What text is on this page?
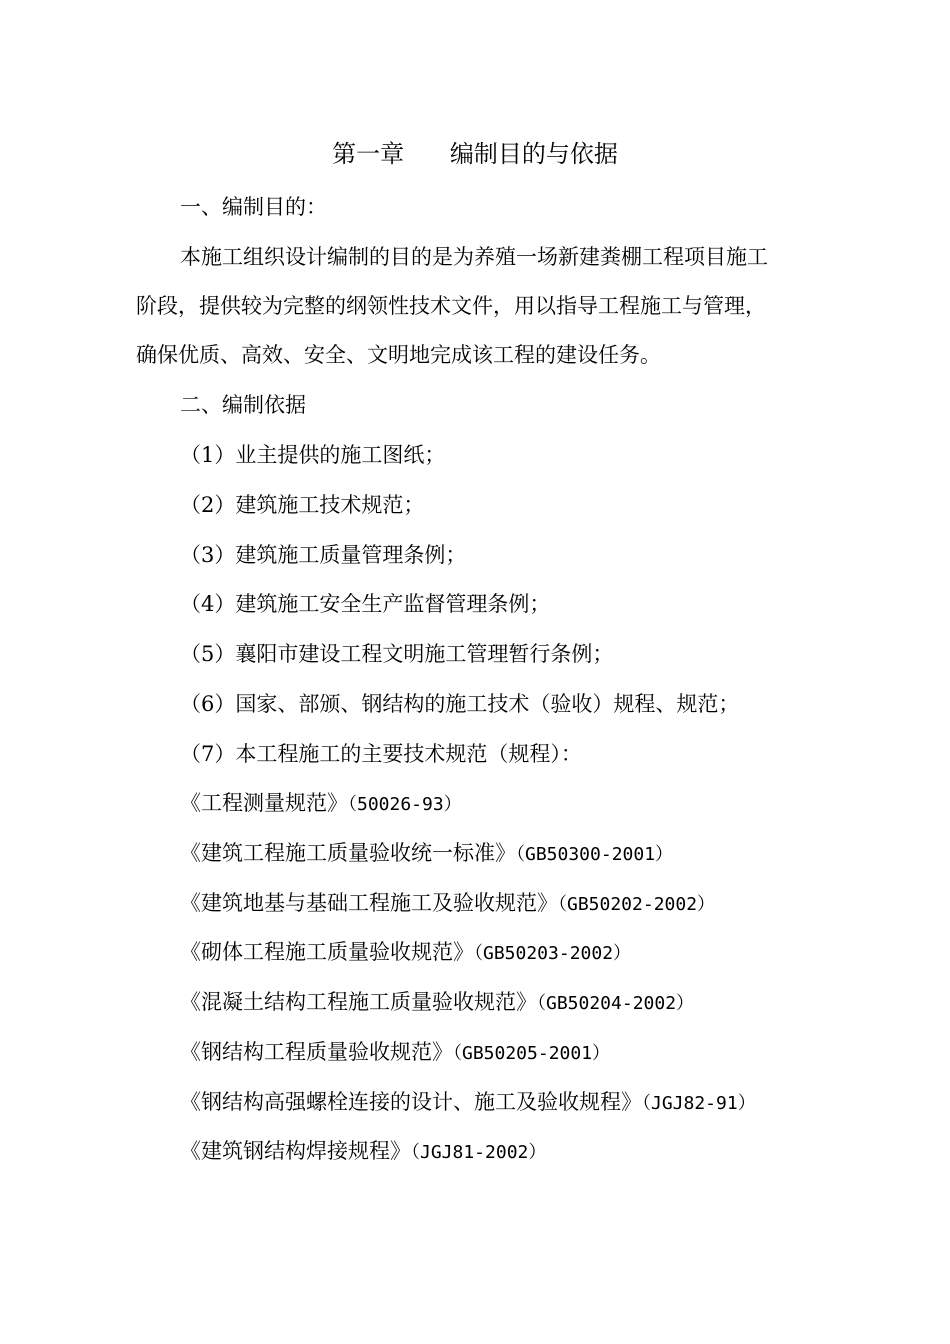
第一章      编制目的与依据
一、编制目的：
本施工组织设计编制的目的是为养殖一场新建粪棚工程项目施工
阶段，提供较为完整的纲领性技术文件，用以指导工程施工与管理，
确保优质、高效、安全、文明地完成该工程的建设任务。
二、编制依据
（1）业主提供的施工图纸；
（2）建筑施工技术规范；
（3）建筑施工质量管理条例；
（4）建筑施工安全生产监督管理条例；
（5）襄阳市建设工程文明施工管理暂行条例；
（6）国家、部颁、钢结构的施工技术（验收）规程、规范；
（7）本工程施工的主要技术规范（规程）：
《工程测量规范》（50026-93）
《建筑工程施工质量验收统一标准》（GB50300-2001）
《建筑地基与基础工程施工及验收规范》（GB50202-2002）
《砌体工程施工质量验收规范》（GB50203-2002）
《混凝土结构工程施工质量验收规范》（GB50204-2002）
《钢结构工程质量验收规范》（GB50205-2001）
《钢结构高强螺栓连接的设计、施工及验收规程》（JGJ82-91）
《建筑钢结构焊接规程》（JGJ81-2002）
